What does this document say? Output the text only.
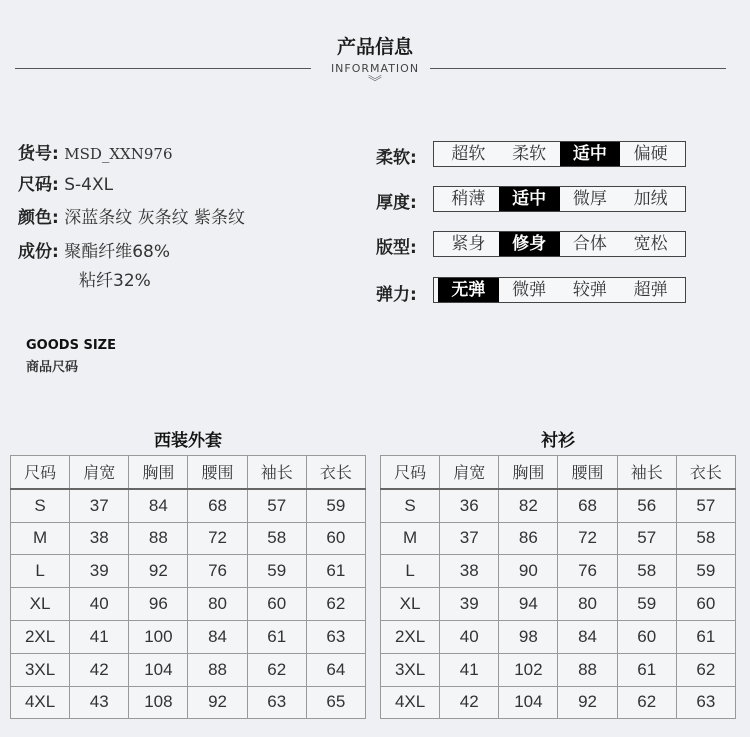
产品信息
INFORMATION
︾
货号: MSD_XXN976
尺码: S-4XL
颜色: 深蓝条纹 灰条纹 紫条纹
成份: 聚酯纤维68%
粘纤32%
柔软:	超软	柔软	适中	偏硬
厚度:	稍薄	适中	微厚	加绒
版型:	紧身	修身	合体	宽松
弹力:	无弹	微弹	较弹	超弹
GOODS SIZE
商品尺码
西装外套
尺码	肩宽	胸围	腰围	袖长	衣长
S	37	84	68	57	59
M	38	88	72	58	60
L	39	92	76	59	61
XL	40	96	80	60	62
2XL	41	100	84	61	63
3XL	42	104	88	62	64
4XL	43	108	92	63	65
衬衫
尺码	肩宽	胸围	腰围	袖长	衣长
S	36	82	68	56	57
M	37	86	72	57	58
L	38	90	76	58	59
XL	39	94	80	59	60
2XL	40	98	84	60	61
3XL	41	102	88	61	62
4XL	42	104	92	62	63
